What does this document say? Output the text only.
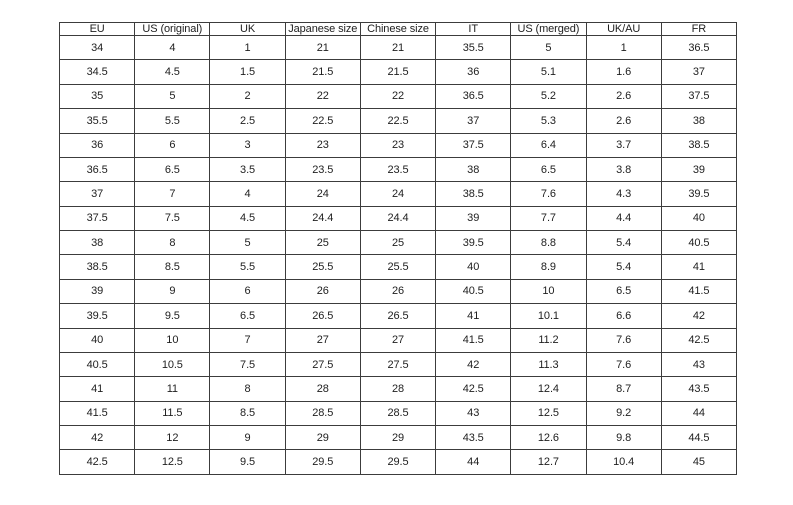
EU	US (original)	UK	Japanese size	Chinese size	IT	US (merged)	UK/AU	FR
34	4	1	21	21	35.5	5	1	36.5
34.5	4.5	1.5	21.5	21.5	36	5.1	1.6	37
35	5	2	22	22	36.5	5.2	2.6	37.5
35.5	5.5	2.5	22.5	22.5	37	5.3	2.6	38
36	6	3	23	23	37.5	6.4	3.7	38.5
36.5	6.5	3.5	23.5	23.5	38	6.5	3.8	39
37	7	4	24	24	38.5	7.6	4.3	39.5
37.5	7.5	4.5	24.4	24.4	39	7.7	4.4	40
38	8	5	25	25	39.5	8.8	5.4	40.5
38.5	8.5	5.5	25.5	25.5	40	8.9	5.4	41
39	9	6	26	26	40.5	10	6.5	41.5
39.5	9.5	6.5	26.5	26.5	41	10.1	6.6	42
40	10	7	27	27	41.5	11.2	7.6	42.5
40.5	10.5	7.5	27.5	27.5	42	11.3	7.6	43
41	11	8	28	28	42.5	12.4	8.7	43.5
41.5	11.5	8.5	28.5	28.5	43	12.5	9.2	44
42	12	9	29	29	43.5	12.6	9.8	44.5
42.5	12.5	9.5	29.5	29.5	44	12.7	10.4	45
